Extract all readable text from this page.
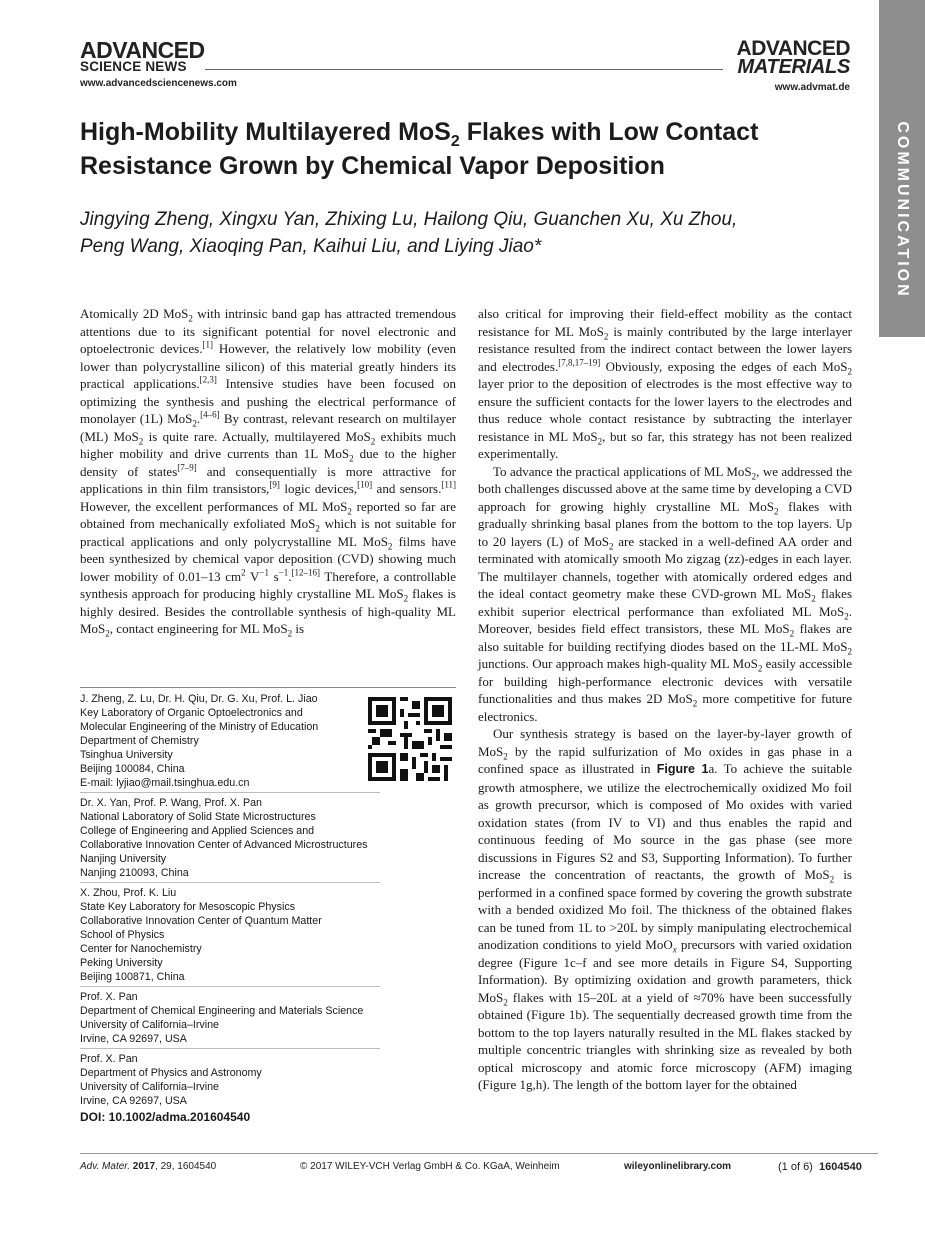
ADVANCED
SCIENCE NEWS
www.advancedsciencenews.com
ADVANCED
MATERIALS
www.advmat.de
COMMUNICATION
High-Mobility Multilayered MoS$_2$ Flakes with Low Contact Resistance Grown by Chemical Vapor Deposition
Jingying Zheng, Xingxu Yan, Zhixing Lu, Hailong Qiu, Guanchen Xu, Xu Zhou,
Peng Wang, Xiaoqing Pan, Kaihui Liu, and Liying Jiao*

Atomically 2D MoS$_2$ with intrinsic band gap has attracted tremendous attentions due to its significant potential for novel electronic and optoelectronic devices.[1] However, the relatively low mobility (even lower than polycrystalline silicon) of this material greatly hinders its practical applications.[2,3] Intensive studies have been focused on optimizing the synthesis and pushing the electrical performance of monolayer (1L) MoS$_2$.[4–6] By contrast, relevant research on multilayer (ML) MoS$_2$ is quite rare. Actually, multilayered MoS$_2$ exhibits much higher mobility and drive currents than 1L MoS$_2$ due to the higher density of states[7–9] and consequentially is more attractive for applications in thin film transistors,[9] logic devices,[10] and sensors.[11] However, the excellent performances of ML MoS$_2$ reported so far are obtained from mechanically exfoliated MoS$_2$ which is not suitable for practical applications and only polycrystalline ML MoS$_2$ films have been synthesized by chemical vapor deposition (CVD) showing much lower mobility of 0.01–13 $cm^2$ $V^{-1}$ $s^{-1}.[12-16]$ Therefore, a controllable synthesis approach for producing highly crystalline ML MoS$_2$ flakes is highly desired. Besides the controllable synthesis of high-quality ML MoS$_2$, contact engineering for ML MoS$_2$ is

J. Zheng, Z. Lu, Dr. H. Qiu, Dr. G. Xu, Prof. L. Jiao
Key Laboratory of Organic Optoelectronics and
Molecular Engineering of the Ministry of Education
Department of Chemistry
Tsinghua University
Beijing 100084, China
E-mail: lyjiao@mail.tsinghua.edu.cn
Dr. X. Yan, Prof. P. Wang, Prof. X. Pan
National Laboratory of Solid State Microstructures
College of Engineering and Applied Sciences and
Collaborative Innovation Center of Advanced Microstructures
Nanjing University
Nanjing 210093, China
X. Zhou, Prof. K. Liu
State Key Laboratory for Mesoscopic Physics
Collaborative Innovation Center of Quantum Matter
School of Physics
Center for Nanochemistry
Peking University
Beijing 100871, China
Prof. X. Pan
Department of Chemical Engineering and Materials Science
University of California–Irvine
Irvine, CA 92697, USA
Prof. X. Pan
Department of Physics and Astronomy
University of California–Irvine
Irvine, CA 92697, USA
DOI: 10.1002/adma.201604540

also critical for improving their field-effect mobility as the contact resistance for ML MoS$_2$ is mainly contributed by the large interlayer resistance resulted from the indirect contact between the lower layers and electrodes.[7,8,17–19] Obviously, exposing the edges of each MoS$_2$ layer prior to the deposition of electrodes is the most effective way to ensure the sufficient contacts for the lower layers to the electrodes and thus reduce whole contact resistance by subtracting the interlayer resistance in ML MoS$_2$, but so far, this strategy has not been realized experimentally.

To advance the practical applications of ML MoS$_2$, we addressed the both challenges discussed above at the same time by developing a CVD approach for growing highly crystalline ML MoS$_2$ flakes with gradually shrinking basal planes from the bottom to the top layers. Up to 20 layers (L) of MoS$_2$ are stacked in a well-defined AA order and terminated with atomically smooth Mo zigzag (zz)-edges in each layer. The multilayer channels, together with atomically ordered edges and the ideal contact geometry make these CVD-grown ML MoS$_2$ flakes exhibit superior electrical performance than exfoliated ML MoS$_2$. Moreover, besides field effect transistors, these ML MoS$_2$ flakes are also suitable for building rectifying diodes based on the 1L-ML MoS$_2$ junctions. Our approach makes high-quality ML MoS$_2$ easily accessible for building high-performance electronic devices with versatile functionalities and thus makes 2D MoS$_2$ more competitive for future electronics.

Our synthesis strategy is based on the layer-by-layer growth of MoS$_2$ by the rapid sulfurization of Mo oxides in gas phase in a confined space as illustrated in Figure 1a. To achieve the suitable growth atmosphere, we utilize the electrochemically oxidized Mo foil as growth precursor, which is composed of Mo oxides with varied oxidation states (from IV to VI) and thus enables the rapid and continuous feeding of Mo source in the gas phase (see more discussions in Figures S2 and S3, Supporting Information). To further increase the concentration of reactants, the growth of MoS$_2$ is performed in a confined space formed by covering the growth substrate with a bended oxidized Mo foil. The thickness of the obtained flakes can be tuned from 1L to >20L by simply manipulating electrochemical anodization conditions to yield MoO$_x$ precursors with varied oxidation degree (Figure 1c–f and see more details in Figure S4, Supporting Information). By optimizing oxidation and growth parameters, thick MoS$_2$ flakes with 15–20L at a yield of ≈70% have been successfully obtained (Figure 1b). The sequentially decreased growth time from the bottom to the top layers naturally resulted in the ML flakes stacked by multiple concentric triangles with shrinking size as revealed by both optical microscopy and atomic force microscopy (AFM) imaging (Figure 1g,h). The length of the bottom layer for the obtained

Adv. Mater. 2017, 29, 1604540	© 2017 WILEY-VCH Verlag GmbH & Co. KGaA, Weinheim	wileyonlinelibrary.com	(1 of 6) 1604540
